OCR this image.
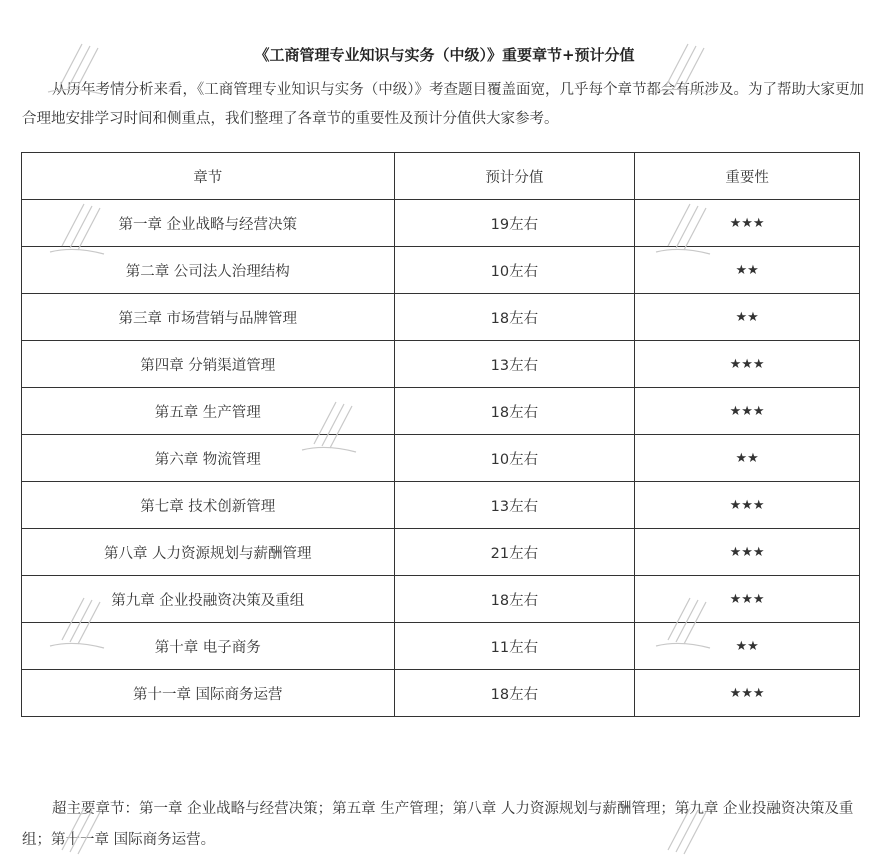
《工商管理专业知识与实务（中级）》重要章节+预计分值
从历年考情分析来看，《工商管理专业知识与实务（中级）》考查题目覆盖面宽，几乎每个章节都会有所涉及。为了帮助大家更加合理地安排学习时间和侧重点，我们整理了各章节的重要性及预计分值供大家参考。
章节	预计分值	重要性
第一章 企业战略与经营决策	19左右	★★★
第二章 公司法人治理结构	10左右	★★
第三章 市场营销与品牌管理	18左右	★★
第四章 分销渠道管理	13左右	★★★
第五章 生产管理	18左右	★★★
第六章 物流管理	10左右	★★
第七章 技术创新管理	13左右	★★★
第八章 人力资源规划与薪酬管理	21左右	★★★
第九章 企业投融资决策及重组	18左右	★★★
第十章 电子商务	11左右	★★
第十一章 国际商务运营	18左右	★★★
超主要章节：第一章 企业战略与经营决策；第五章 生产管理；第八章 人力资源规划与薪酬管理；第九章 企业投融资决策及重组；第十一章 国际商务运营。
